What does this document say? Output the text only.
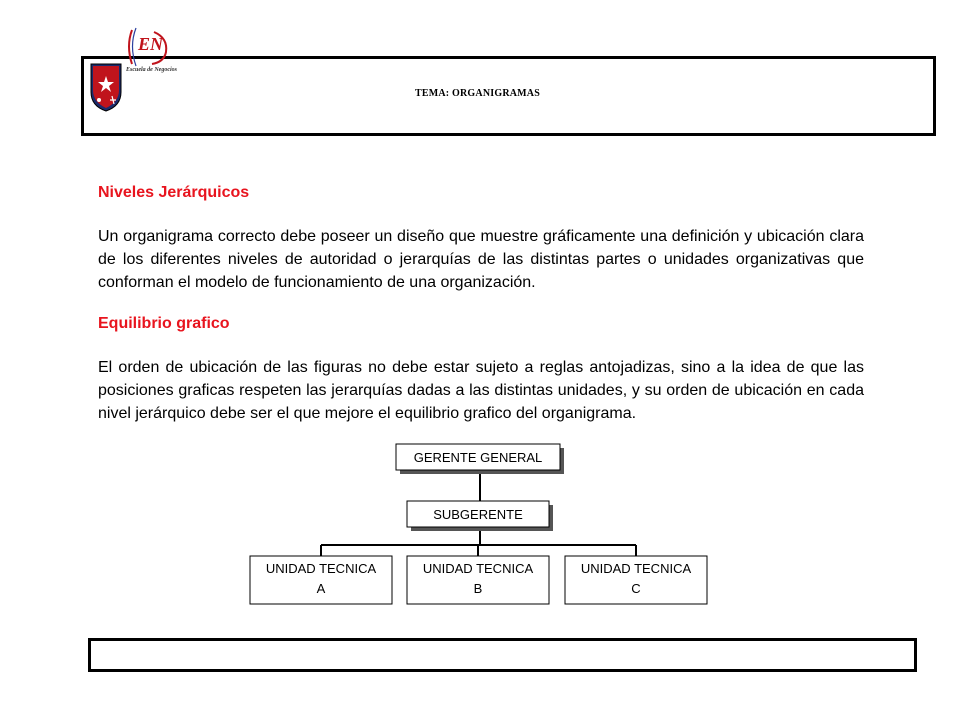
EN
Escuela de Negocios
TEMA: ORGANIGRAMAS
Niveles Jerárquicos

Un organigrama correcto debe poseer un diseño que muestre gráficamente una definición y ubicación clara de los diferentes niveles de autoridad o jerarquías de las distintas partes o unidades organizativas que conforman el modelo de funcionamiento de una organización.

Equilibrio grafico

El orden de ubicación de las figuras no debe estar sujeto a reglas antojadizas, sino a la idea de que las posiciones graficas respeten las jerarquías dadas a las distintas unidades, y su orden de ubicación en cada nivel jerárquico debe ser el que mejore el equilibrio grafico del organigrama.

GERENTE GENERAL
SUBGERENTE
UNIDAD TECNICA
A
UNIDAD TECNICA
B
UNIDAD TECNICA
C
